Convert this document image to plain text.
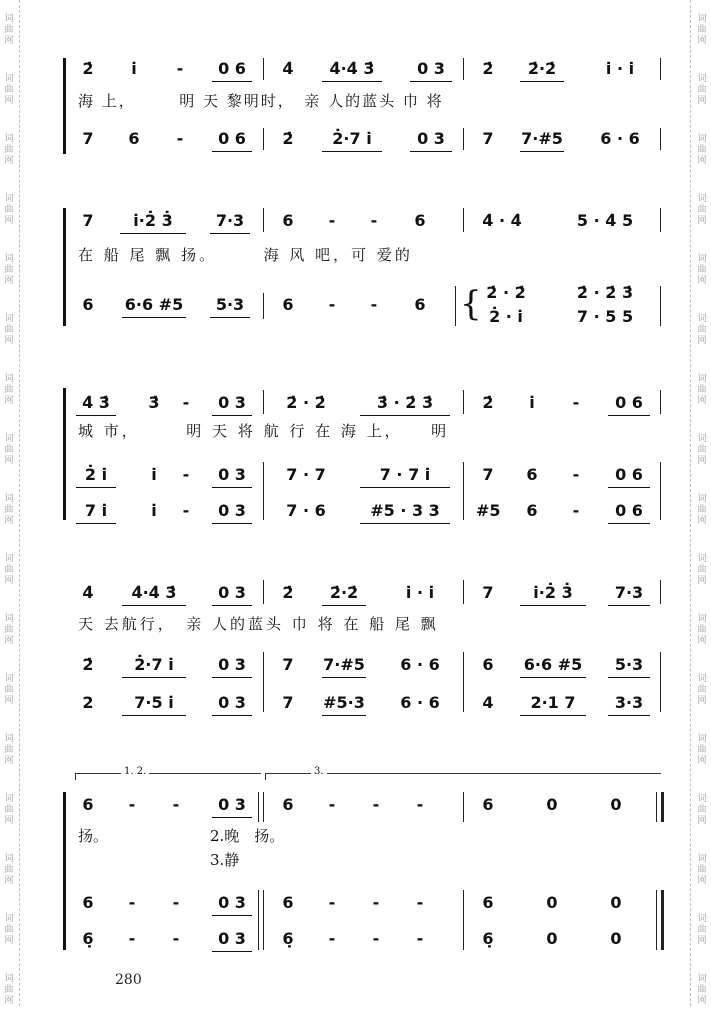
词
曲
网
词
曲
网
词
曲
网
词
曲
网
词
曲
网
词
曲
网
词
曲
网
词
曲
网
词
曲
网
词
曲
网
词
曲
网
词
曲
网
词
曲
网
词
曲
网
词
曲
网
词
曲
网
词
曲
网
词
曲
网
词
曲
网
词
曲
网
词
曲
网
词
曲
网
词
曲
网
词
曲
网
词
曲
网
词
曲
网
词
曲
网
词
曲
网
词
曲
网
词
曲
网
词
曲
网
词
曲
网
词
曲
网
词
曲
网
2̇	i̇	-	0 6	4̇	4̇·4̇ 3̇	0 3	2̇	2̇·2̇	i̇ · i̇
海 上，　　　明 天 黎明时，　亲 人的蓝头 巾 将
7	6	-	0 6	2̇	2̇·7 i̇	0 3	7	7·#5	6 · 6
7	i̇·2̇ 3̇	7·3	6	-	-	6	4̇ · 4̇	5 · 4̇ 5
在 船 尾 飘 扬。　　　海 风 吧，可 爱的
6	6·6 #5	5·3	6	-	-	6 { 2̇ · 2̇	2̇ · 2̇ 3̇
2̇ · i̇	7 · 5 5
4̇ 3̇	3̇	-	0 3	2̇ · 2̇	3̇ · 2̇ 3̇	2̇	i̇	-	0 6
城 市，　　　明 天 将 航 行 在 海 上，　　明
2̇ i̇	i̇	-	0 3	7 · 7	7 · 7 i̇	7	6	-	0 6
7 i̇	i̇	-	0 3	7 · 6	#5 · 3 3	#5	6	-	0 6
4̇	4̇·4̇ 3̇	0 3	2̇	2̇·2̇	i̇ · i̇	7	i̇·2̇ 3̇	7·3
天 去航行，　亲 人的蓝头 巾 将 在 船 尾 飘
2̇	2̇·7 i̇	0 3	7	7·#5	6 · 6	6	6·6 #5	5·3
2	7·5 i̇	0 3	7	#5·3	6 · 6	4	2·1 7	3·3
1. 2.	3.
6	-	-	0 3	6	-	-	-	6	0	0
扬。	2.晚　扬。
3.静
6	-	-	0 3	6	-	-	-	6	0	0
6̣	-	-	0 3	6̣	-	-	-	6̣	0	0
280
